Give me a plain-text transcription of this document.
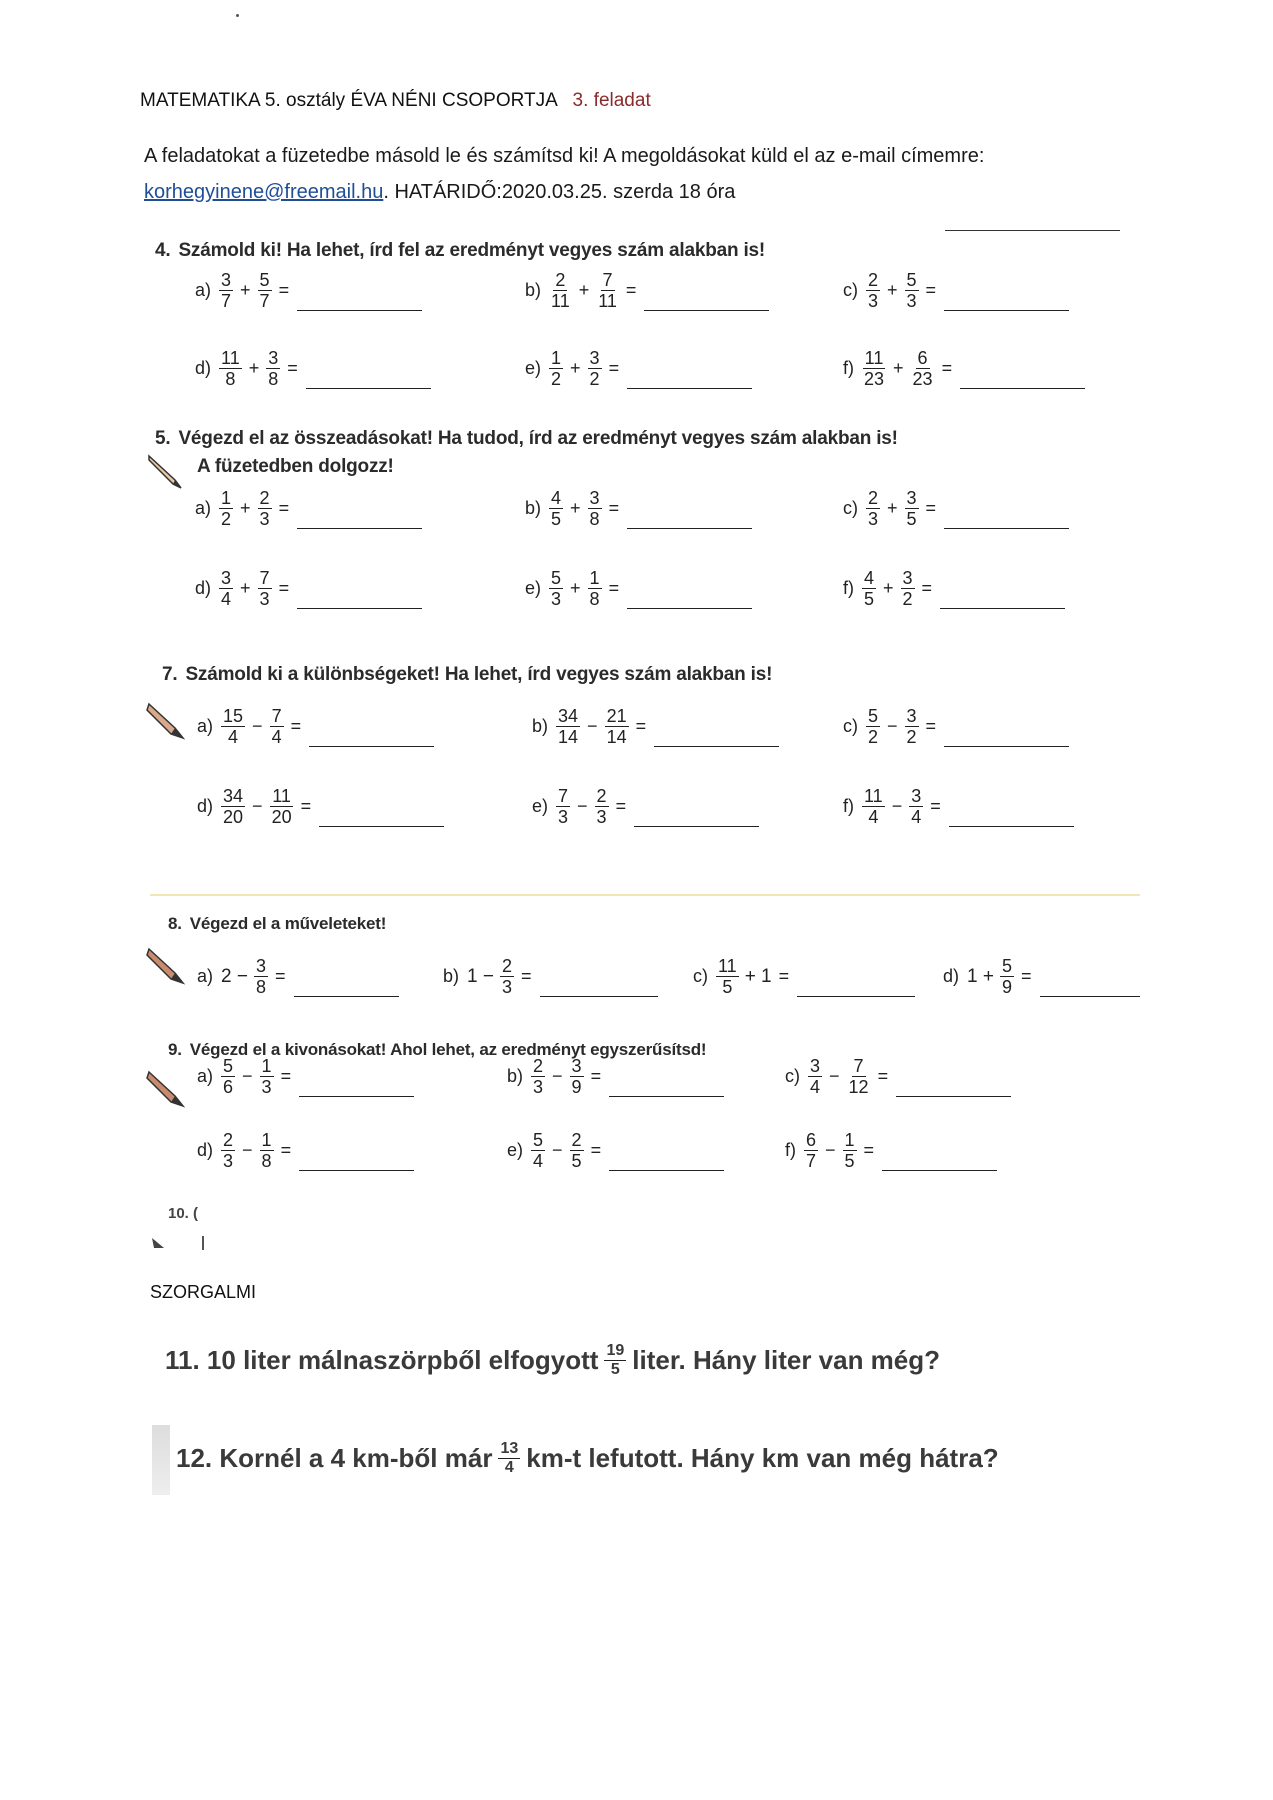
MATEMATIKA 5. osztály ÉVA NÉNI CSOPORTJA 3. feladat
A feladatokat a füzetedbe másold le és számítsd ki! A megoldásokat küld el az e-mail címemre:
korhegyinene@freemail.hu. HATÁRIDŐ:2020.03.25. szerda 18 óra
4. Számold ki! Ha lehet, írd fel az eredményt vegyes szám alakban is!
$a) \frac{3}{7} + \frac{5}{7}$ =	$b) \frac{2}{11} + \frac{7}{11}$ =	$c) \frac{2}{3} + \frac{5}{3}$ =
$d) \frac{11}{8} + \frac{3}{8}$ =	$e) \frac{1}{2} + \frac{3}{2}$ =	$f) \frac{11}{23} + \frac{6}{23}$ =
5. Végezd el az összeadásokat! Ha tudod, írd az eredményt vegyes szám alakban is!
A füzetedben dolgozz!
$a) \frac{1}{2} + \frac{2}{3}$ =	$b) \frac{4}{5} + \frac{3}{8}$ =	$c) \frac{2}{3} + \frac{3}{5}$ =
$d) \frac{3}{4} + \frac{7}{3}$ =	$e) \frac{5}{3} + \frac{1}{8}$ =	$f) \frac{4}{5} + \frac{3}{2}$ =
7. Számold ki a különbségeket! Ha lehet, írd vegyes szám alakban is!
$a) \frac{15}{4} - \frac{7}{4}$ =	$b) \frac{34}{14} - \frac{21}{14}$ =	$c) \frac{5}{2} - \frac{3}{2}$ =
$d) \frac{34}{20} - \frac{11}{20}$ =	$e) \frac{7}{3} - \frac{2}{3}$ =	$f) \frac{11}{4} - \frac{3}{4}$ =
8. Végezd el a műveleteket!
a) $2 - \frac{3}{8}$ =	b) $1 - \frac{2}{3}$ =	$c) \frac{11}{5} + 1$ =	d) $1 + \frac{5}{9}$ =
9. Végezd el a kivonásokat! Ahol lehet, az eredményt egyszerűsítsd!
$a) \frac{5}{6} - \frac{1}{3}$ =	$b) \frac{2}{3} - \frac{3}{9}$ =	$c) \frac{3}{4} - \frac{7}{12}$ =
$d) \frac{2}{3} - \frac{1}{8}$ =	$e) \frac{5}{4} - \frac{2}{5}$ =	$f) \frac{6}{7} - \frac{1}{5}$ =
10. (
SZORGALMI
11. 10 liter málnaszörpből elfogyott $\frac{19}{5}$ liter. Hány liter van még?
12. Kornél a 4 km-ből már $\frac{13}{4} km-t$ lefutott. Hány km van még hátra?
